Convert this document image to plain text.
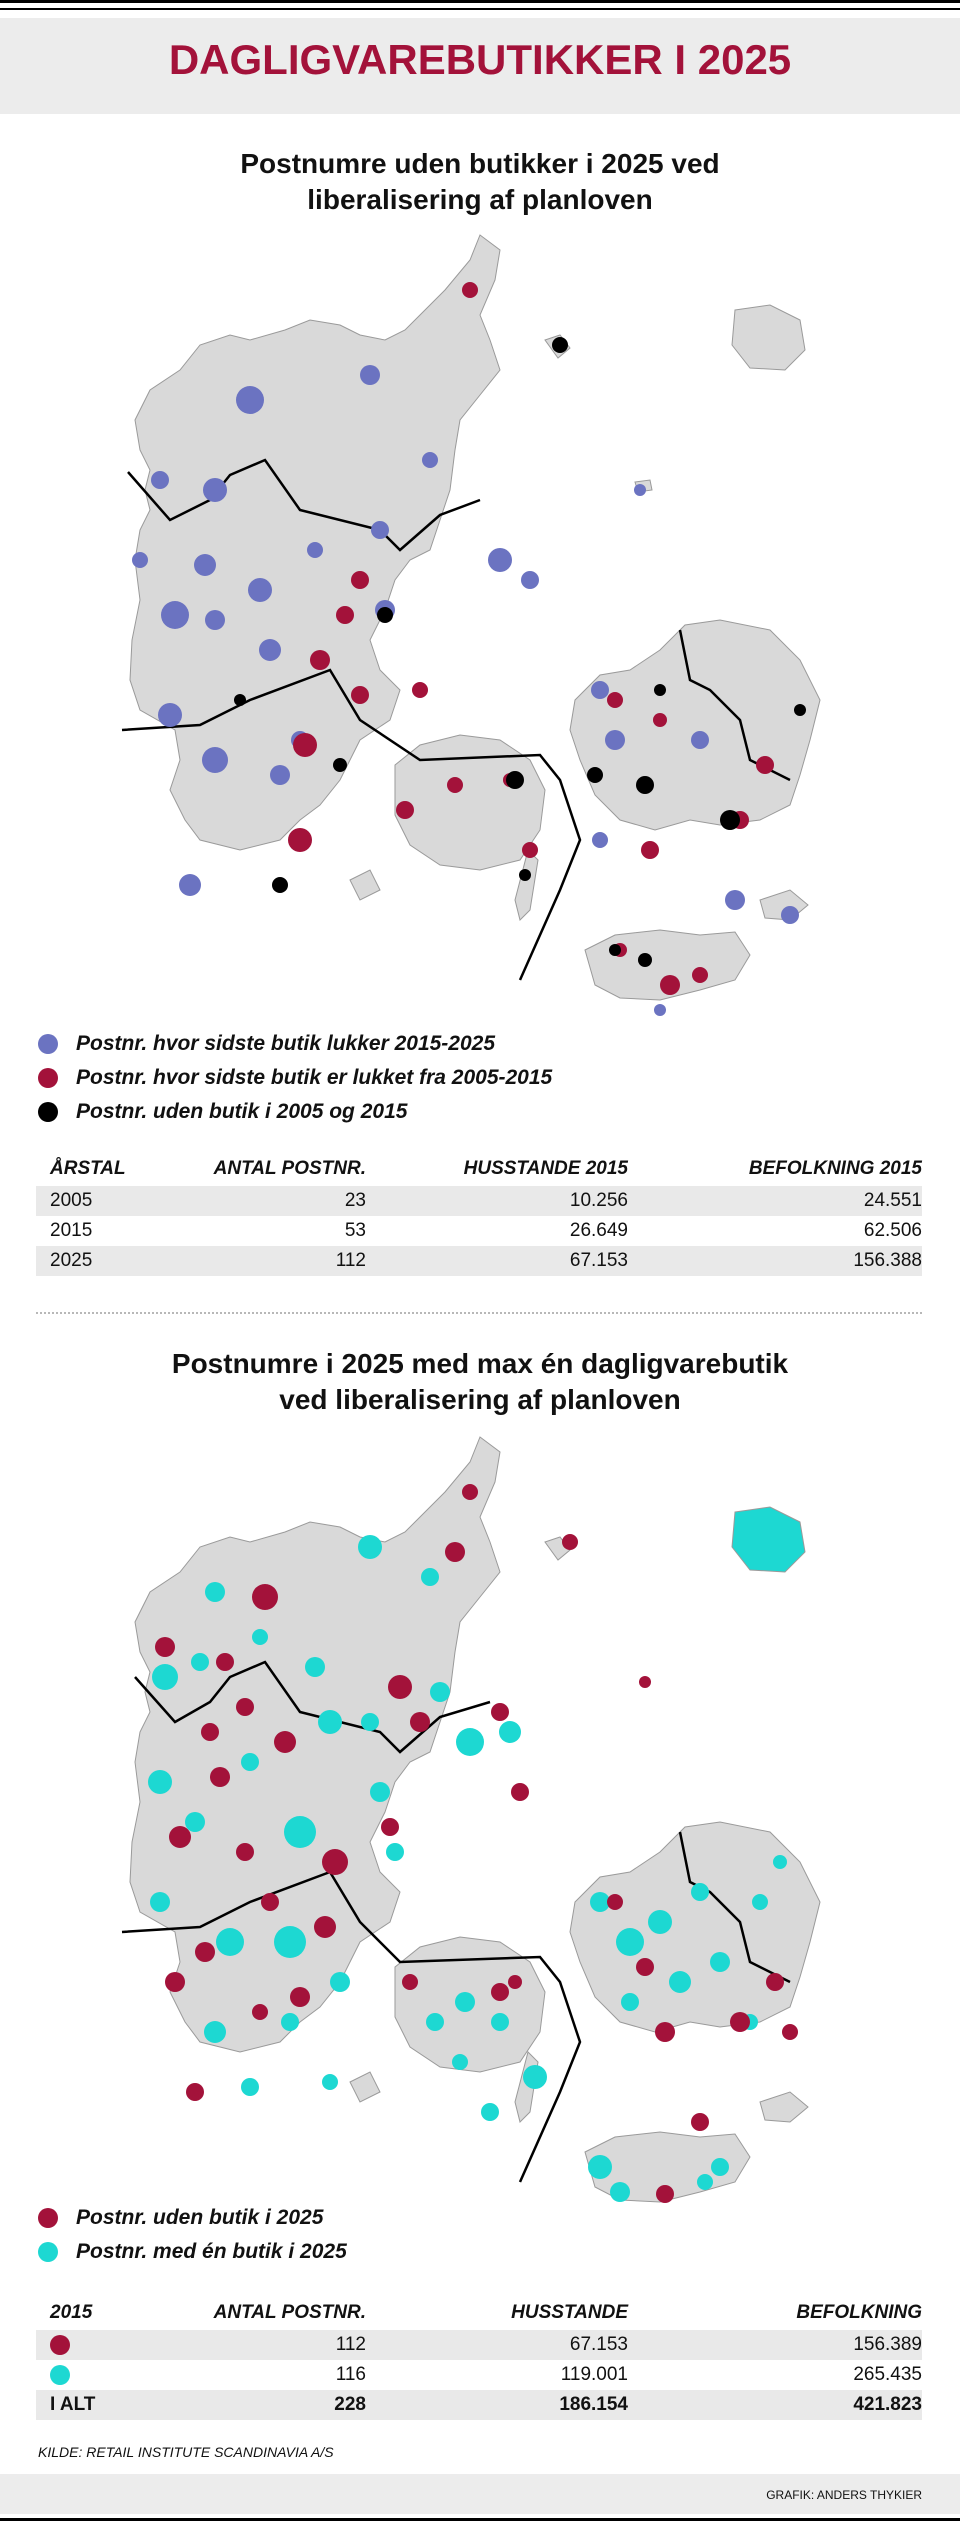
DAGLIGVAREBUTIKKER I 2025
Postnumre uden butikker i 2025 ved
liberalisering af planloven
Postnr. hvor sidste butik lukker 2015-2025
Postnr. hvor sidste butik er lukket fra 2005-2015
Postnr. uden butik i 2005 og 2015
ÅRSTAL	ANTAL POSTNR.	HUSSTANDE 2015	BEFOLKNING 2015
2005	23	10.256	24.551
2015	53	26.649	62.506
2025	112	67.153	156.388
Postnumre i 2025 med max én dagligvarebutik
ved liberalisering af planloven
Postnr. uden butik i 2025
Postnr. med én butik i 2025
2015	ANTAL POSTNR.	HUSSTANDE	BEFOLKNING
	112	67.153	156.389
	116	119.001	265.435
I ALT	228	186.154	421.823
KILDE: RETAIL INSTITUTE SCANDINAVIA A/S
GRAFIK: ANDERS THYKIER
